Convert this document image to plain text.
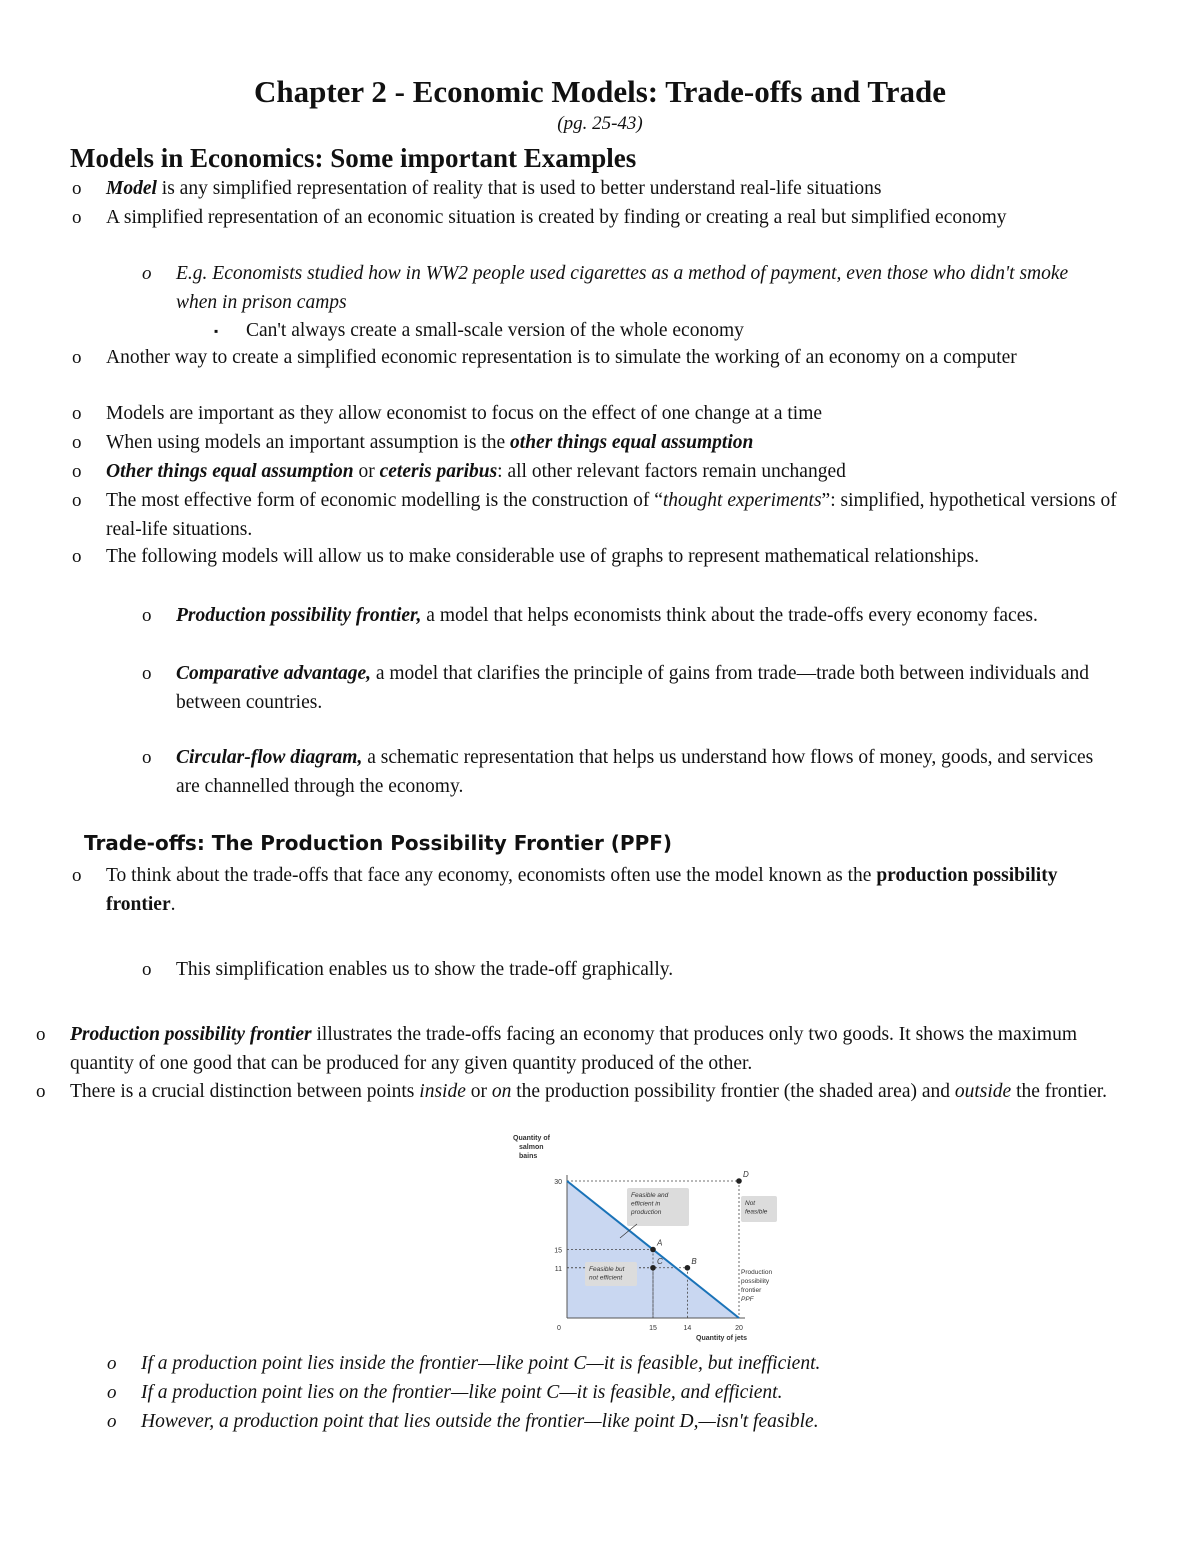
Chapter 2 - Economic Models: Trade-offs and Trade
(pg. 25-43)
Models in Economics: Some important Examples
o Model is any simplified representation of reality that is used to better understand real-life situations
o A simplified representation of an economic situation is created by finding or creating a real but simplified economy
o E.g. Economists studied how in WW2 people used cigarettes as a method of payment, even those who didn't smoke when in prison camps
▪ Can't always create a small-scale version of the whole economy
o Another way to create a simplified economic representation is to simulate the working of an economy on a computer
o Models are important as they allow economist to focus on the effect of one change at a time
o When using models an important assumption is the other things equal assumption
o Other things equal assumption or ceteris paribus: all other relevant factors remain unchanged
o The most effective form of economic modelling is the construction of “thought experiments”: simplified, hypothetical versions of real-life situations.
o The following models will allow us to make considerable use of graphs to represent mathematical relationships.
o Production possibility frontier, a model that helps economists think about the trade-offs every economy faces.
o Comparative advantage, a model that clarifies the principle of gains from trade—trade both between individuals and between countries.
o Circular-flow diagram, a schematic representation that helps us understand how flows of money, goods, and services are channelled through the economy.
Trade-offs: The Production Possibility Frontier (PPF)
o To think about the trade-offs that face any economy, economists often use the model known as the production possibility frontier.
o This simplification enables us to show the trade-off graphically.
o Production possibility frontier illustrates the trade-offs facing an economy that produces only two goods. It shows the maximum quantity of one good that can be produced for any given quantity produced of the other.
o There is a crucial distinction between points inside or on the production possibility frontier (the shaded area) and outside the frontier.
Feasible and
efficient in
production
Feasible but
not efficient
Not
feasible
A
B
C
D
30
15
11
0	15	14	20
Quantity of
salmon
bains
Quantity of jets
Production
possibility
frontier
PPF
o If a production point lies inside the frontier—like point C—it is feasible, but inefficient.
o If a production point lies on the frontier—like point C—it is feasible, and efficient.
o However, a production point that lies outside the frontier—like point D,—isn't feasible.
